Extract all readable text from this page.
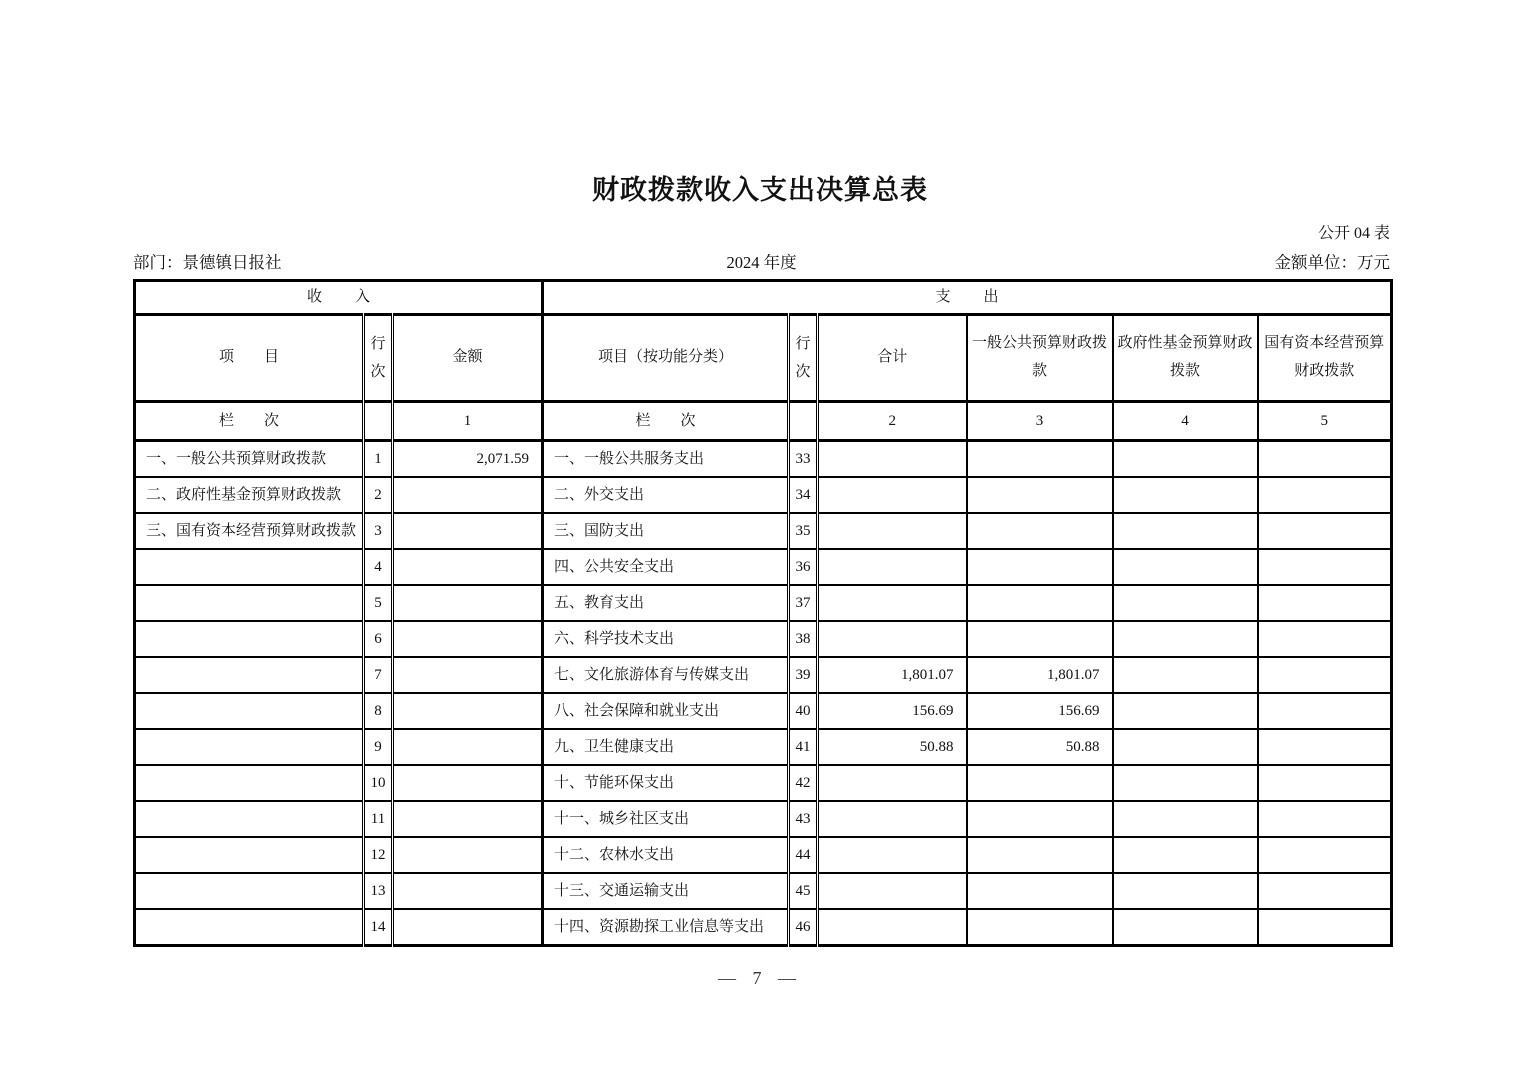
财政拨款收入支出决算总表
公开 04 表
部门：景德镇日报社	2024 年度	金额单位：万元
收入			支出					
项目	行次	金额	项目（按功能分类）	行次	合计	一般公共预算财政拨款	政府性基金预算财政拨款	国有资本经营预算财政拨款
栏次		1	栏次		2	3	4	5
一、一般公共预算财政拨款	1	2,071.59	一、一般公共服务支出	33				
二、政府性基金预算财政拨款	2		二、外交支出	34				
三、国有资本经营预算财政拨款	3		三、国防支出	35				
	4		四、公共安全支出	36				
	5		五、教育支出	37				
	6		六、科学技术支出	38				
	7		七、文化旅游体育与传媒支出	39	1,801.07	1,801.07		
	8		八、社会保障和就业支出	40	156.69	156.69		
	9		九、卫生健康支出	41	50.88	50.88		
	10		十、节能环保支出	42				
	11		十一、城乡社区支出	43				
	12		十二、农林水支出	44				
	13		十三、交通运输支出	45				
	14		十四、资源勘探工业信息等支出	46				
— 7 —
